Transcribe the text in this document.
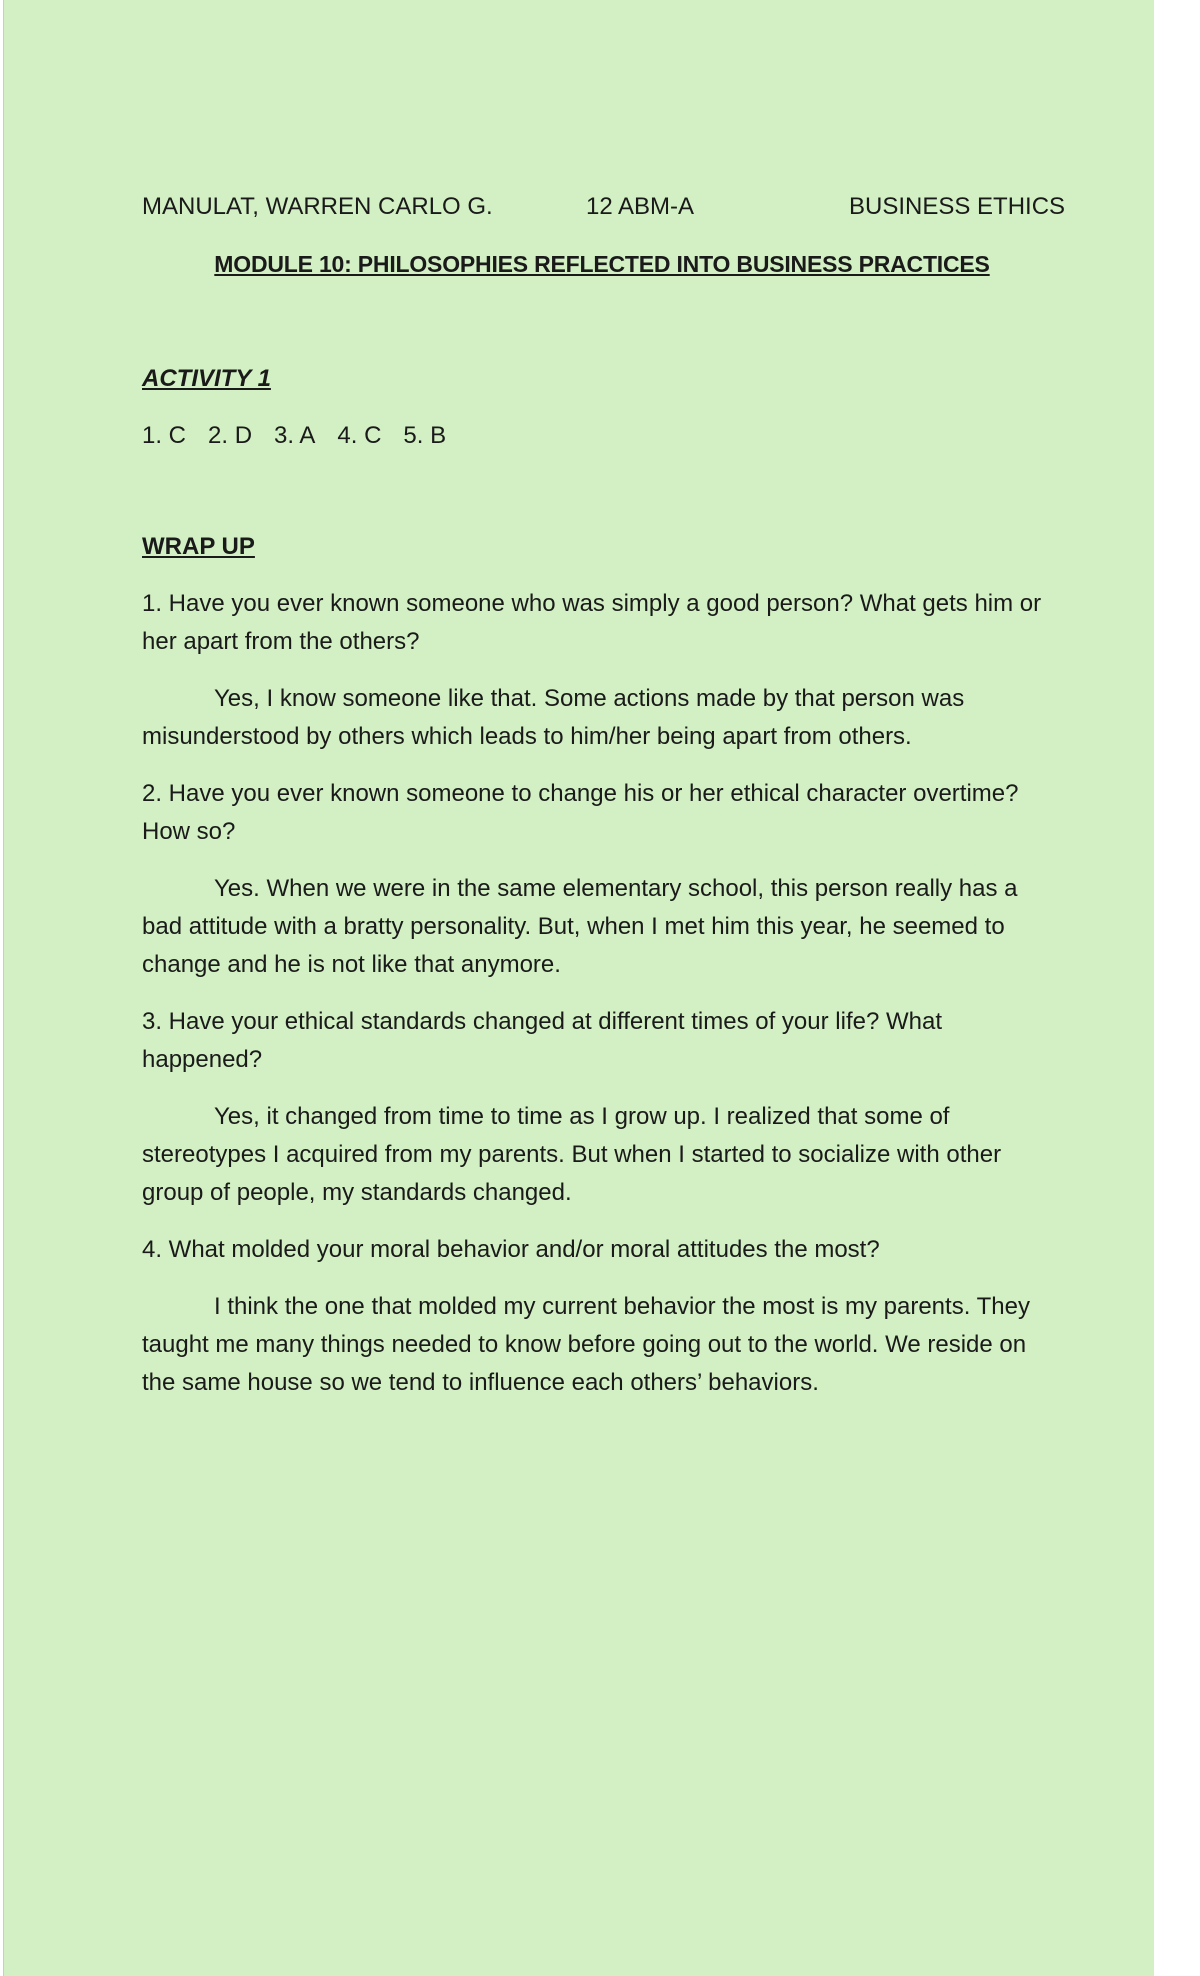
MANULAT, WARREN CARLO G.	12 ABM-A	BUSINESS ETHICS
MODULE 10: PHILOSOPHIES REFLECTED INTO BUSINESS PRACTICES
ACTIVITY 1
1. C 2. D 3. A 4. C 5. B
WRAP UP
1. Have you ever known someone who was simply a good person? What gets him or her apart from the others?
Yes, I know someone like that. Some actions made by that person was misunderstood by others which leads to him/her being apart from others.
2. Have you ever known someone to change his or her ethical character overtime? How so?
Yes. When we were in the same elementary school, this person really has a bad attitude with a bratty personality. But, when I met him this year, he seemed to change and he is not like that anymore.
3. Have your ethical standards changed at different times of your life? What happened?
Yes, it changed from time to time as I grow up. I realized that some of stereotypes I acquired from my parents. But when I started to socialize with other group of people, my standards changed.
4. What molded your moral behavior and/or moral attitudes the most?
I think the one that molded my current behavior the most is my parents. They taught me many things needed to know before going out to the world. We reside on the same house so we tend to influence each others’ behaviors.
